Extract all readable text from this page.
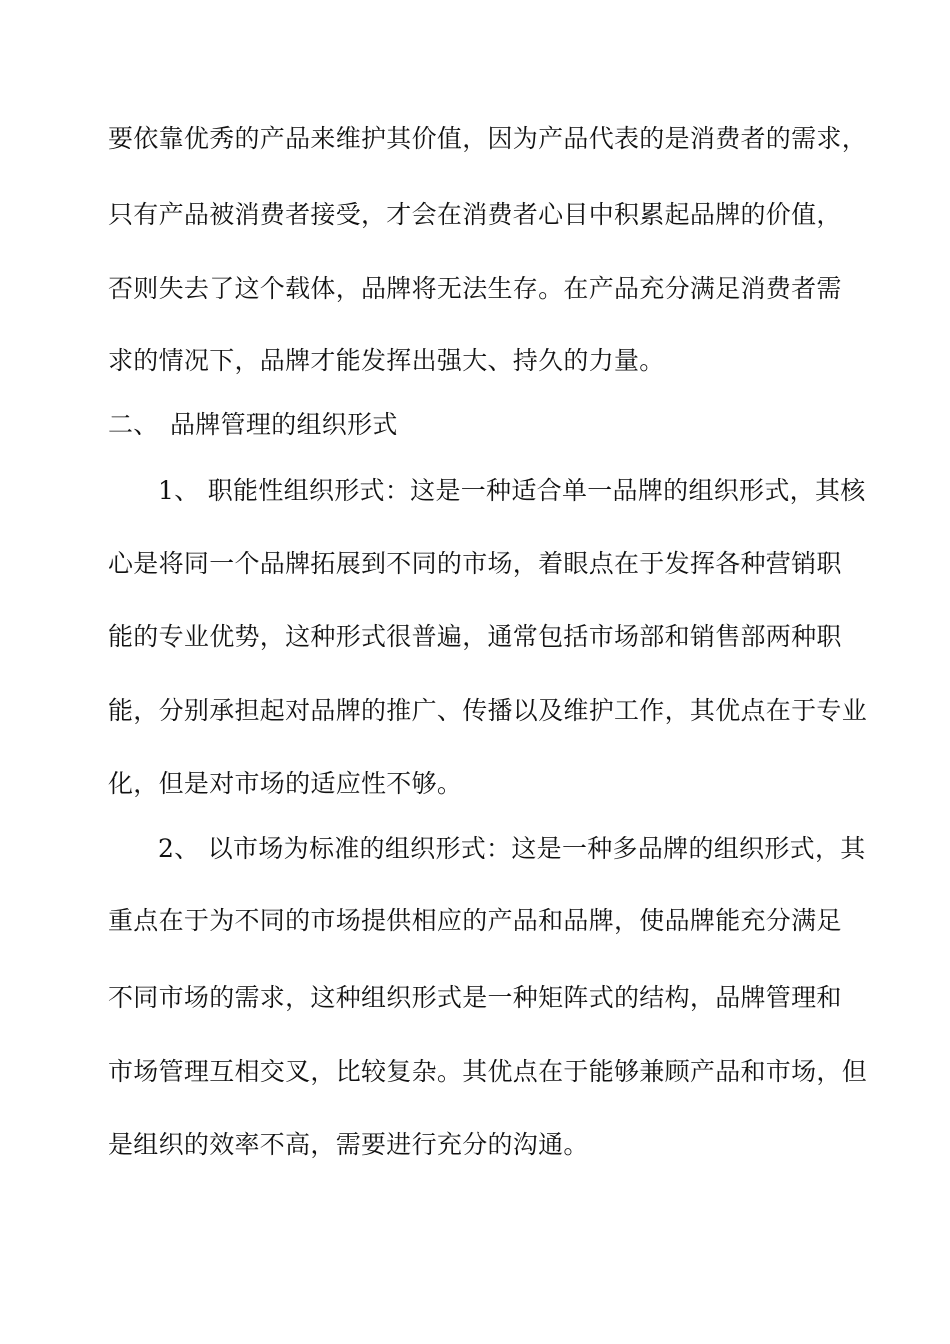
要依靠优秀的产品来维护其价值，因为产品代表的是消费者的需求，
只有产品被消费者接受，才会在消费者心目中积累起品牌的价值，
否则失去了这个载体，品牌将无法生存。在产品充分满足消费者需
求的情况下，品牌才能发挥出强大、持久的力量。
二、 品牌管理的组织形式
1、 职能性组织形式：这是一种适合单一品牌的组织形式，其核
心是将同一个品牌拓展到不同的市场，着眼点在于发挥各种营销职
能的专业优势，这种形式很普遍，通常包括市场部和销售部两种职
能，分别承担起对品牌的推广、传播以及维护工作，其优点在于专业
化，但是对市场的适应性不够。
2、 以市场为标准的组织形式：这是一种多品牌的组织形式，其
重点在于为不同的市场提供相应的产品和品牌，使品牌能充分满足
不同市场的需求，这种组织形式是一种矩阵式的结构，品牌管理和
市场管理互相交叉，比较复杂。其优点在于能够兼顾产品和市场，但
是组织的效率不高，需要进行充分的沟通。
